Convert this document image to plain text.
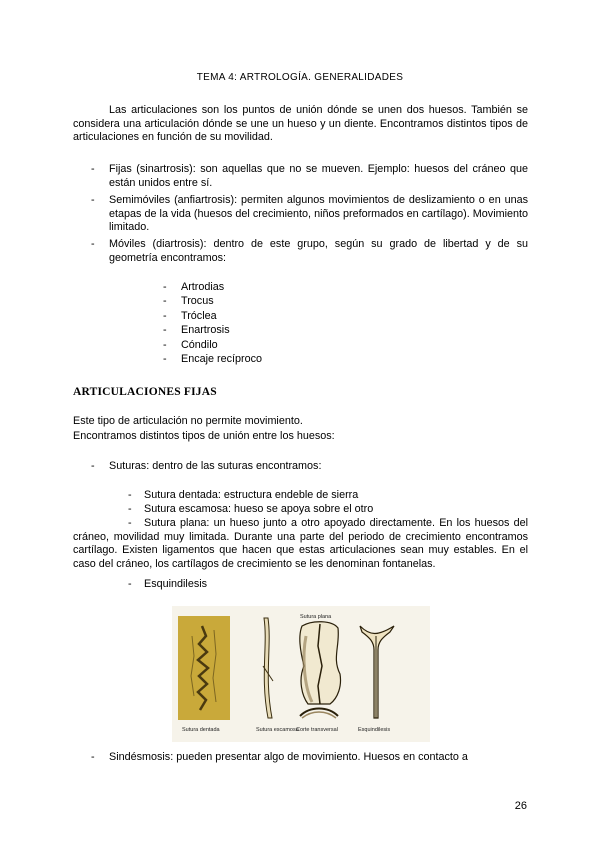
TEMA 4: ARTROLOGÍA. GENERALIDADES
Las articulaciones son los puntos de unión dónde se unen dos huesos. También se considera una articulación dónde se une un hueso y un diente. Encontramos distintos tipos de articulaciones en función de su movilidad.
- Fijas (sinartrosis): son aquellas que no se mueven. Ejemplo: huesos del cráneo que están unidos entre sí.
- Semimóviles (anfiartrosis): permiten algunos movimientos de deslizamiento o en unas etapas de la vida (huesos del crecimiento, niños preformados en cartílago). Movimiento limitado.
- Móviles (diartrosis): dentro de este grupo, según su grado de libertad y de su geometría encontramos:
- Artrodias
- Trocus
- Tróclea
- Enartrosis
- Cóndilo
- Encaje recíproco
ARTICULACIONES FIJAS
Este tipo de articulación no permite movimiento.
Encontramos distintos tipos de unión entre los huesos:
- Suturas: dentro de las suturas encontramos:
- Sutura dentada: estructura endeble de sierra
- Sutura escamosa: hueso se apoya sobre el otro
-	Sutura plana: un hueso junto a otro apoyado directamente. En los huesos del cráneo, movilidad muy limitada. Durante una parte del periodo de crecimiento encontramos cartílago. Existen ligamentos que hacen que estas articulaciones sean muy estables. En el caso del cráneo, los cartílagos de crecimiento se les denominan fontanelas.
- Esquindilesis
Sutura plana
Sutura dentada	Sutura escamosa
Corte transversal	Esquindilesis
- Sindésmosis: pueden presentar algo de movimiento. Huesos en contacto a
26
